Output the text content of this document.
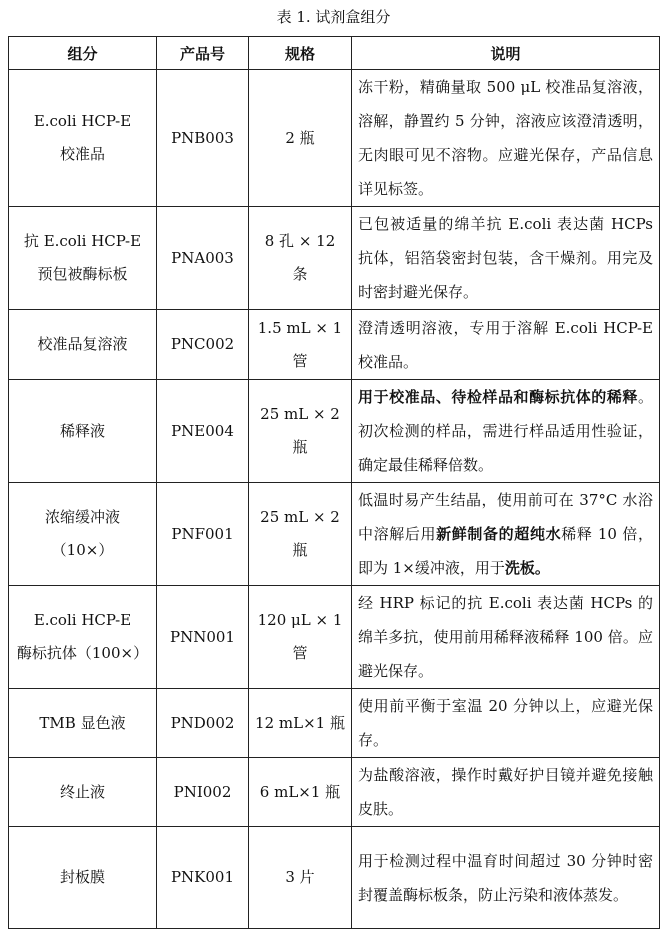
表 1. 试剂盒组分
组分	产品号	规格	说明

E.coli HCP-E
校准品	PNB003	2 瓶	冻干粉，精确量取 500 μL 校准品复溶液，溶解，静置约 5 分钟，溶液应该澄清透明，无肉眼可见不溶物。应避光保存，产品信息详见标签。

抗 E.coli HCP-E
预包被酶标板	PNA003	8 孔 × 12 条	已包被适量的绵羊抗 E.coli 表达菌 HCPs 抗体，铝箔袋密封包装，含干燥剂。用完及时密封避光保存。

校准品复溶液	PNC002	1.5 mL × 1 管	澄清透明溶液，专用于溶解 E.coli HCP-E 校准品。

稀释液	PNE004	25 mL × 2 瓶	用于校准品、待检样品和酶标抗体的稀释。初次检测的样品，需进行样品适用性验证，确定最佳稀释倍数。

浓缩缓冲液
（10×）	PNF001	25 mL × 2 瓶	低温时易产生结晶，使用前可在 37°C 水浴中溶解后用新鲜制备的超纯水稀释 10 倍，即为 1×缓冲液，用于洗板。

E.coli HCP-E
酶标抗体（100×）	PNN001	120 μL × 1 管	经 HRP 标记的抗 E.coli 表达菌 HCPs 的绵羊多抗，使用前用稀释液稀释 100 倍。应避光保存。

TMB 显色液	PND002	12 mL×1 瓶	使用前平衡于室温 20 分钟以上，应避光保存。

终止液	PNI002	6 mL×1 瓶	为盐酸溶液，操作时戴好护目镜并避免接触皮肤。

封板膜	PNK001	3 片	用于检测过程中温育时间超过 30 分钟时密封覆盖酶标板条，防止污染和液体蒸发。
